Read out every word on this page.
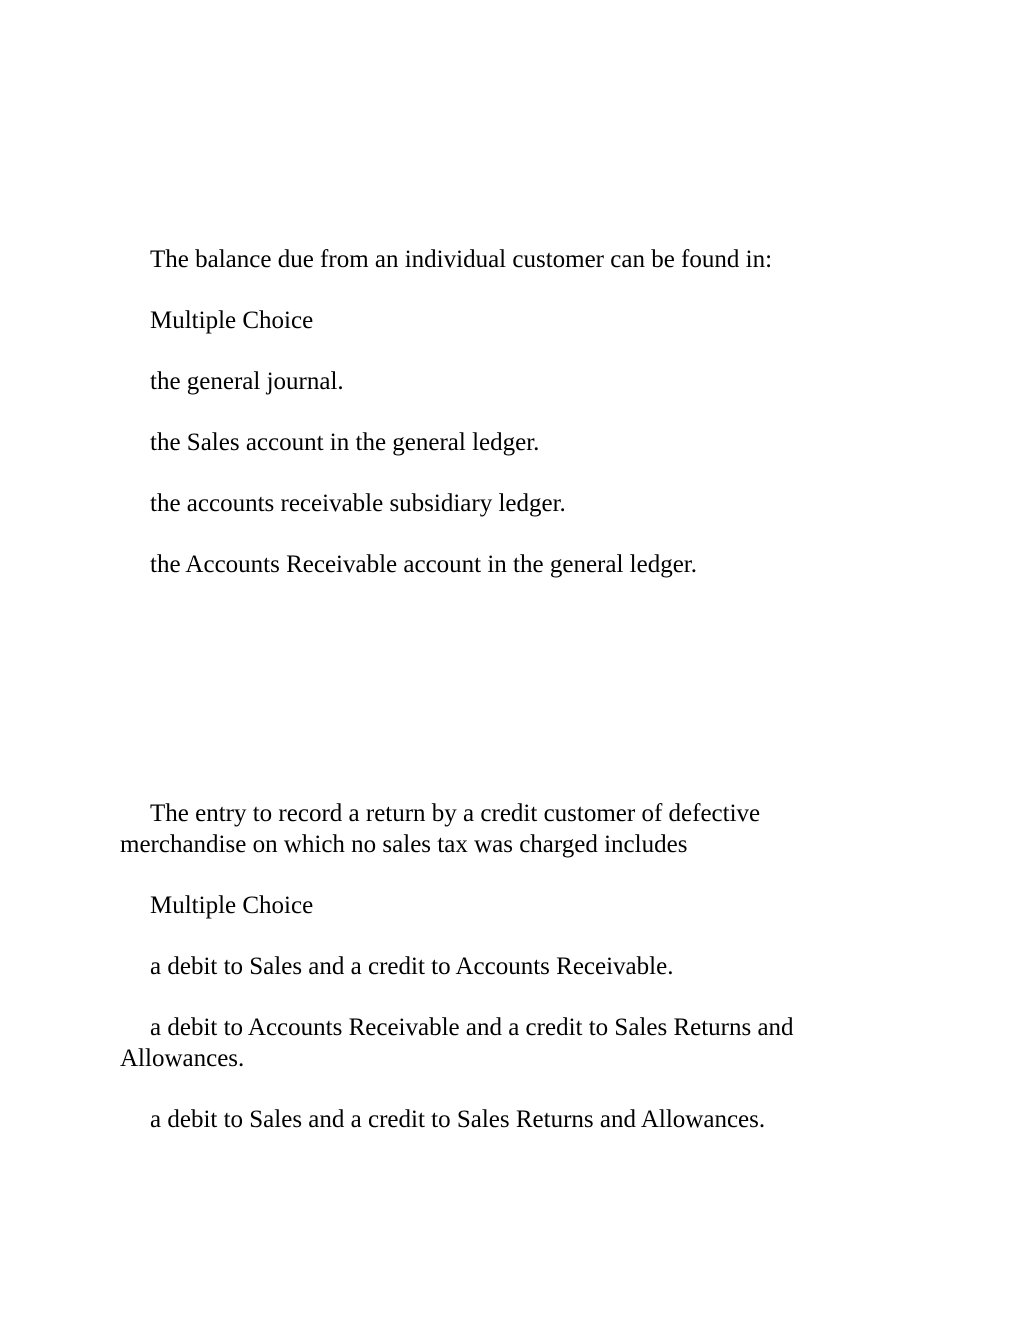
The balance due from an individual customer can be found in:

Multiple Choice

the general journal.

the Sales account in the general ledger.

the accounts receivable subsidiary ledger.

the Accounts Receivable account in the general ledger.

The entry to record a return by a credit customer of defective merchandise on which no sales tax was charged includes

Multiple Choice

a debit to Sales and a credit to Accounts Receivable.

a debit to Accounts Receivable and a credit to Sales Returns and Allowances.

a debit to Sales and a credit to Sales Returns and Allowances.
